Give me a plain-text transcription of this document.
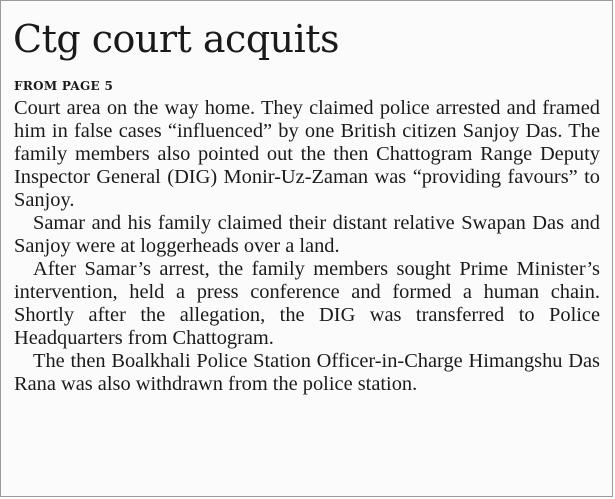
Ctg court acquits
FROM PAGE 5

Court area on the way home. They claimed police arrested and framed him in false cases “influenced” by one British citizen Sanjoy Das. The family members also pointed out the then Chattogram Range Deputy Inspector General (DIG) Monir-Uz-Zaman was “providing favours” to Sanjoy.

Samar and his family claimed their distant relative Swapan Das and Sanjoy were at loggerheads over a land.

After Samar’s arrest, the family members sought Prime Minister’s intervention, held a press conference and formed a human chain. Shortly after the allegation, the DIG was transferred to Police Headquarters from Chattogram.

The then Boalkhali Police Station Officer-in-Charge Himangshu Das Rana was also withdrawn from the police station.
